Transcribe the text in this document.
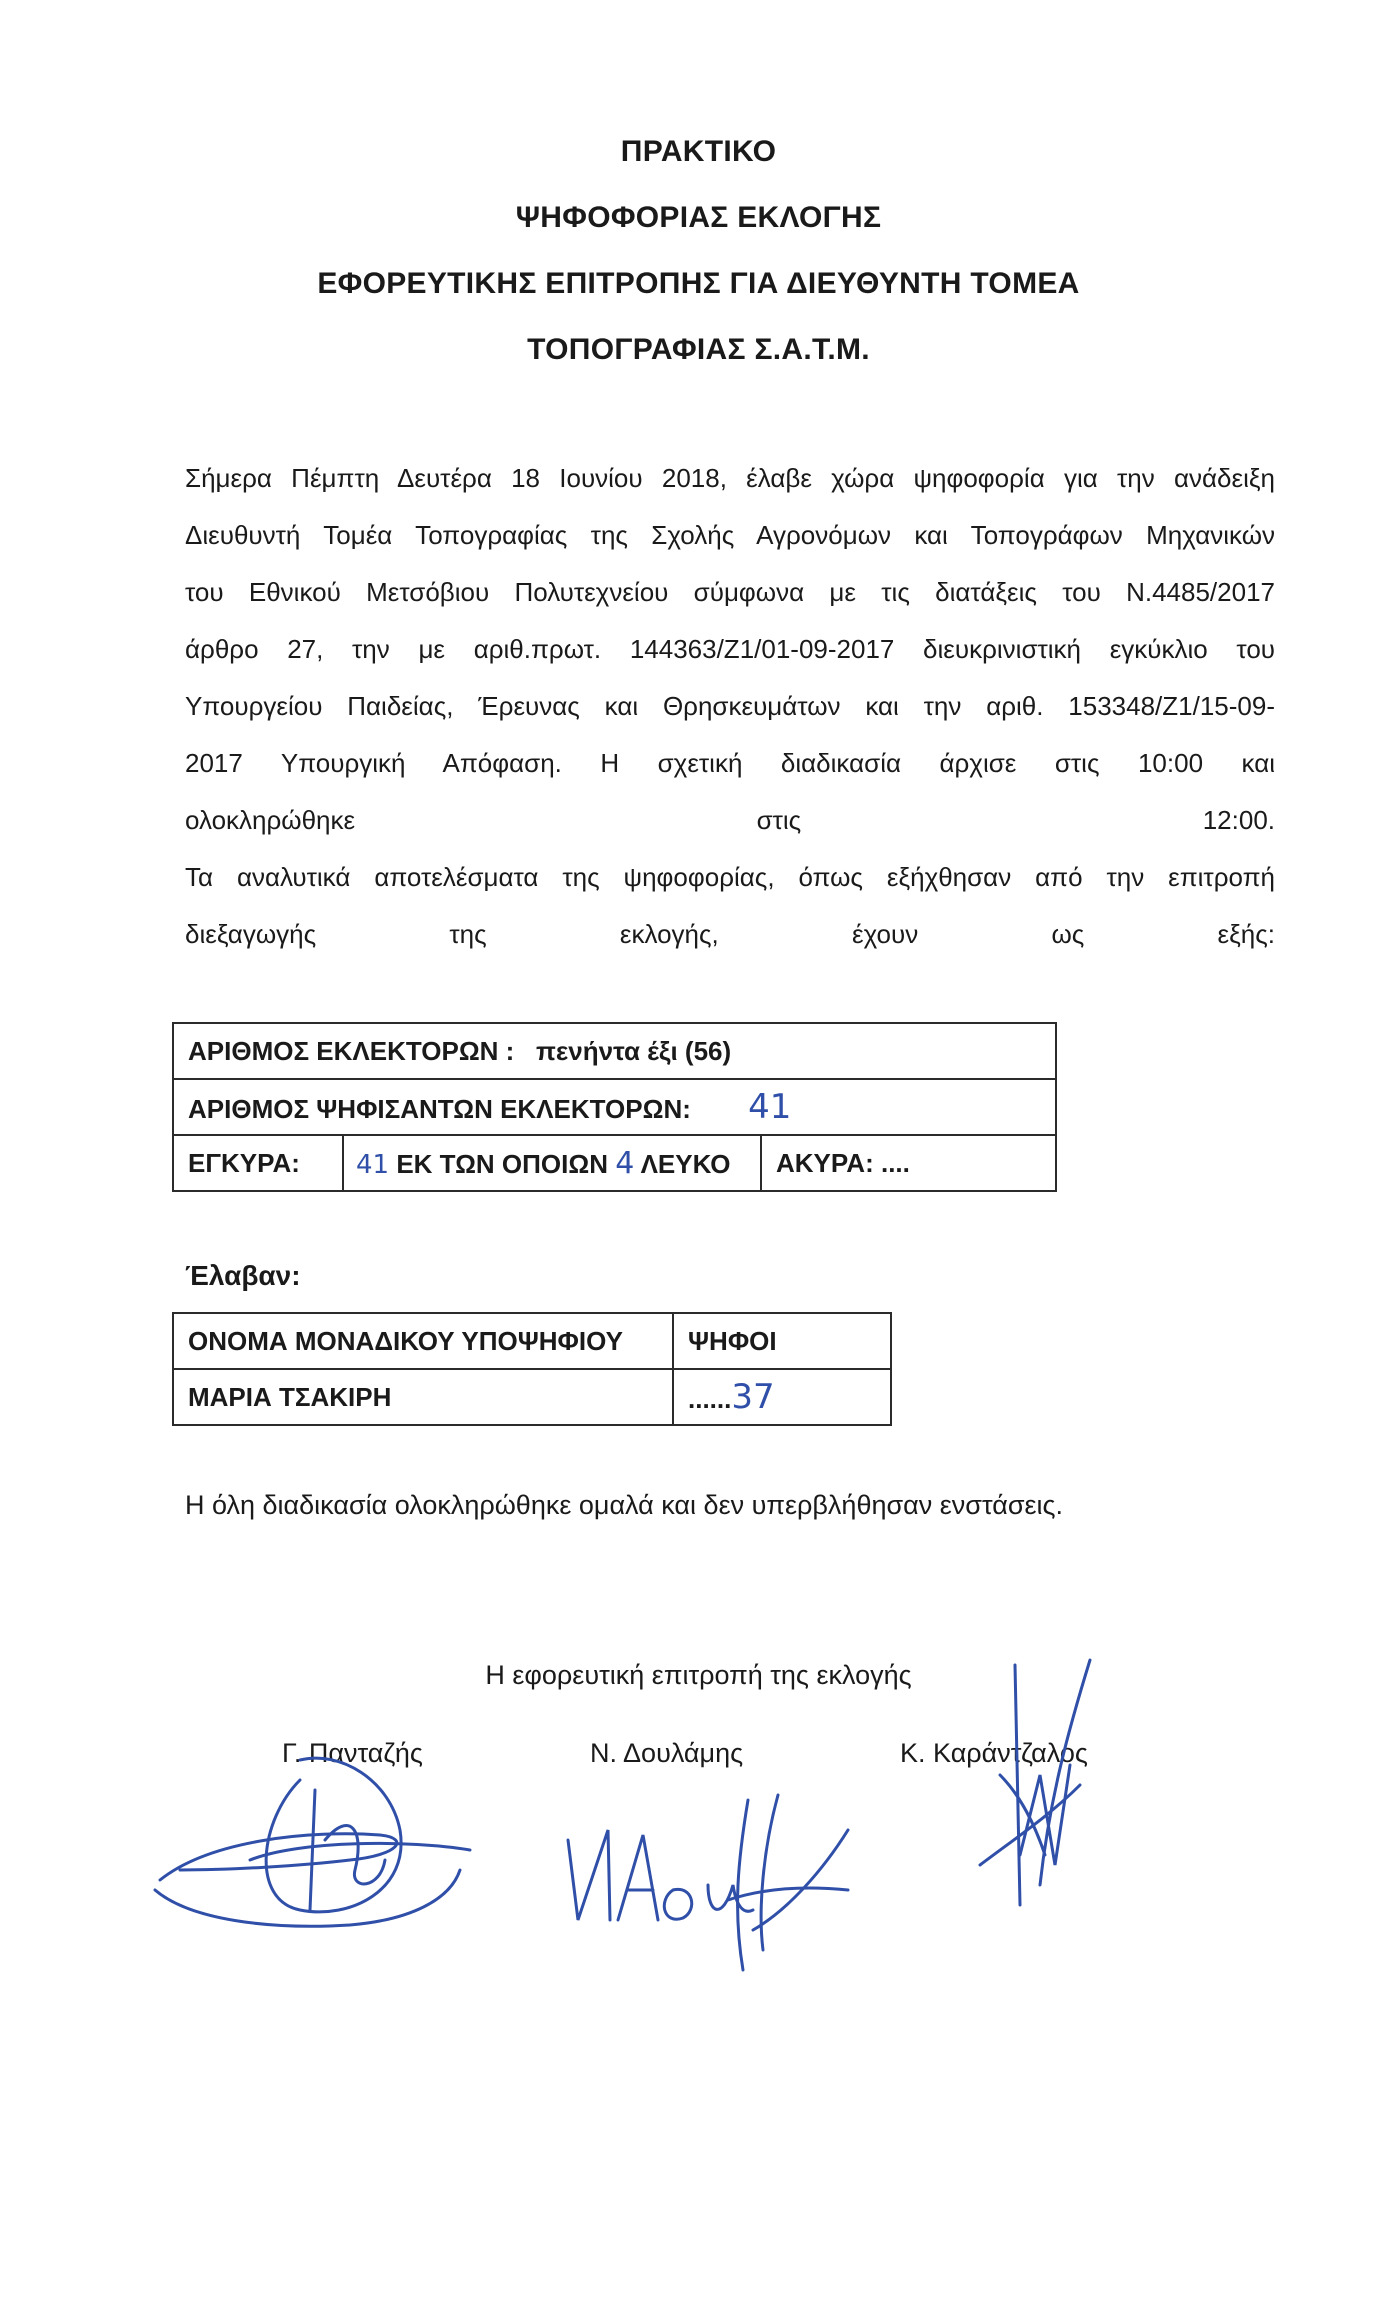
ΠΡΑΚΤΙΚΟ
ΨΗΦΟΦΟΡΙΑΣ ΕΚΛΟΓΗΣ
ΕΦΟΡΕΥΤΙΚΗΣ ΕΠΙΤΡΟΠΗΣ ΓΙΑ ΔΙΕΥΘΥΝΤΗ ΤΟΜΕΑ
ΤΟΠΟΓΡΑΦΙΑΣ Σ.Α.Τ.Μ.
Σήμερα Πέμπτη Δευτέρα 18 Ιουνίου 2018, έλαβε χώρα ψηφοφορία για την ανάδειξη
Διευθυντή Τομέα Τοπογραφίας της Σχολής Αγρονόμων και Τοπογράφων Μηχανικών
του Εθνικού Μετσόβιου Πολυτεχνείου σύμφωνα με τις διατάξεις του Ν.4485/2017
άρθρο 27, την με αριθ.πρωτ. 144363/Ζ1/01-09-2017 διευκρινιστική εγκύκλιο του
Υπουργείου Παιδείας, Έρευνας και Θρησκευμάτων και την αριθ. 153348/Ζ1/15-09-
2017 Υπουργική Απόφαση. Η σχετική διαδικασία άρχισε στις 10:00 και
ολοκληρώθηκε στις 12:00.
Τα αναλυτικά αποτελέσματα της ψηφοφορίας, όπως εξήχθησαν από την επιτροπή
διεξαγωγής της εκλογής, έχουν ως εξής:
ΑΡΙΘΜΟΣ ΕΚΛΕΚΤΟΡΩΝ : πενήντα έξι (56)
ΑΡΙΘΜΟΣ ΨΗΦΙΣΑΝΤΩΝ ΕΚΛΕΚΤΟΡΩΝ: 41
ΕΓΚΥΡΑ:	41 ΕΚ ΤΩΝ ΟΠΟΙΩΝ 4 ΛΕΥΚΟ	ΑΚΥΡΑ: ....
Έλαβαν:
ΟΝΟΜΑ ΜΟΝΑΔΙΚΟΥ ΥΠΟΨΗΦΙΟΥ	ΨΗΦΟΙ
ΜΑΡΙΑ ΤΣΑΚΙΡΗ	......37
Η όλη διαδικασία ολοκληρώθηκε ομαλά και δεν υπερβλήθησαν ενστάσεις.
Η εφορευτική επιτροπή της εκλογής
Γ. Πανταζής	Ν. Δουλάμης	Κ. Καράντζαλος
